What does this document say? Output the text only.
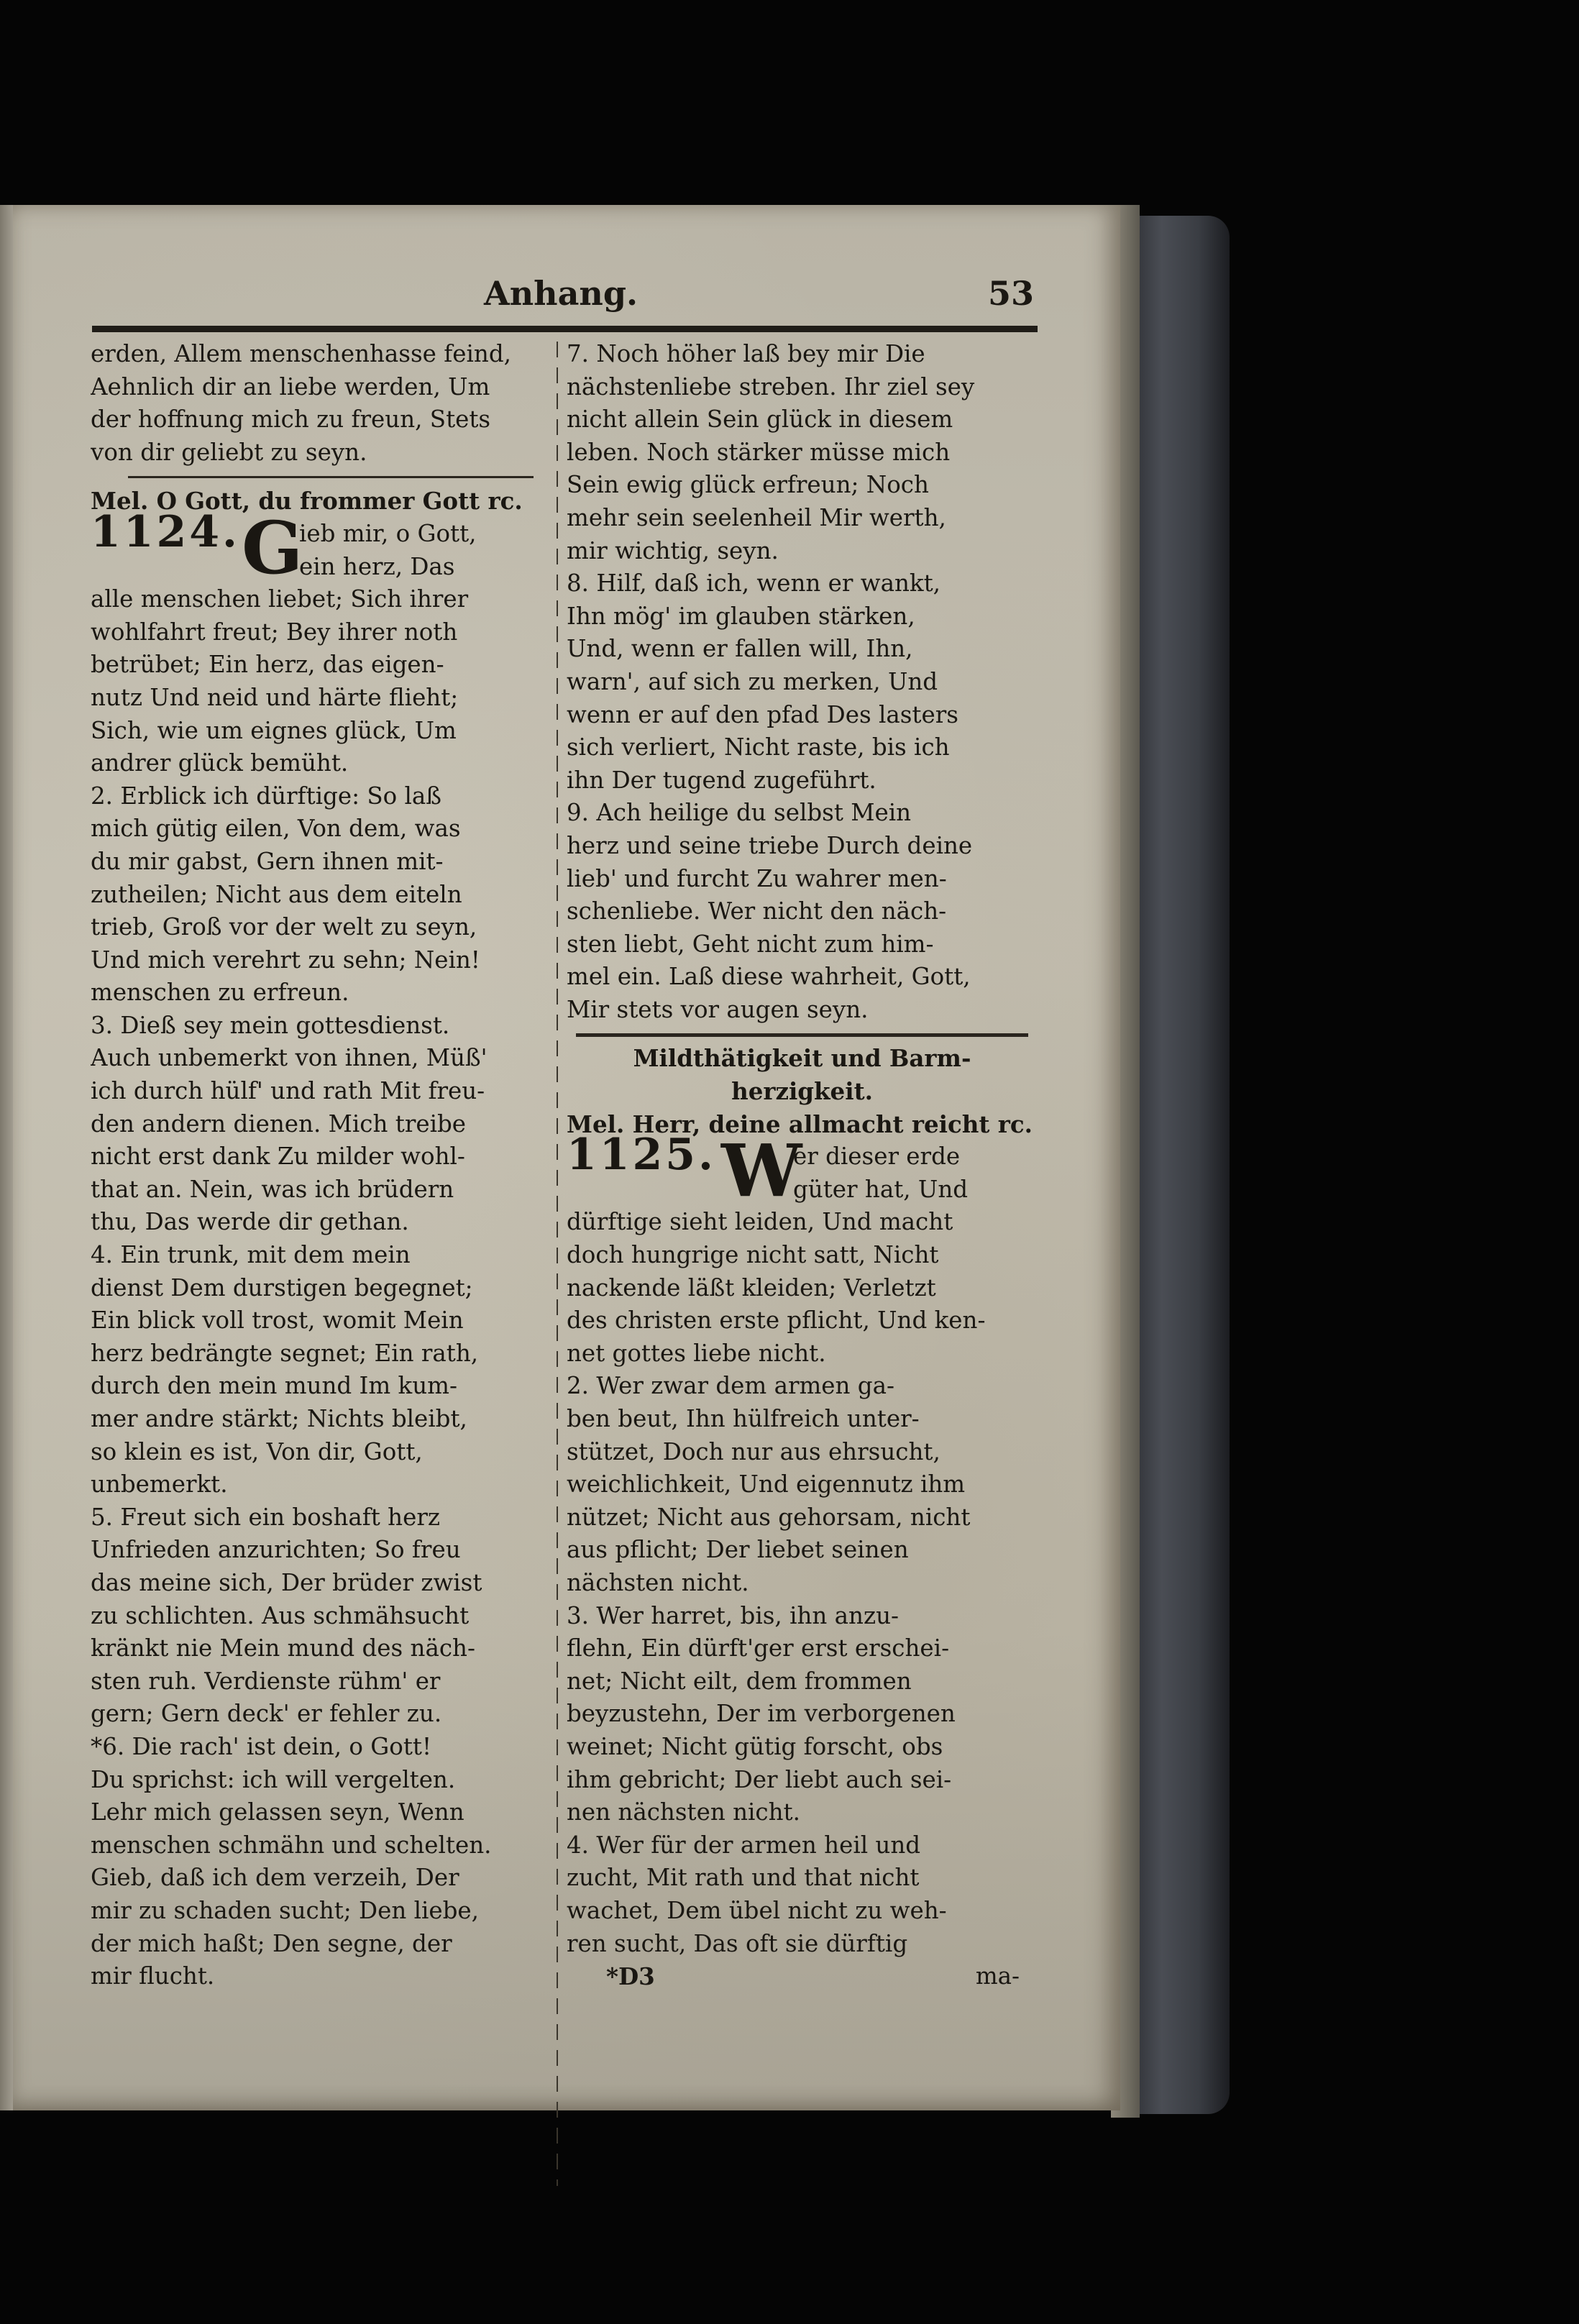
Anhang.	53
erden, Allem menschenhasse feind,
Aehnlich dir an liebe werden, Um
der hoffnung mich zu freun, Stets
von dir geliebt zu seyn.
Mel. O Gott, du frommer Gott rc.
1124. G
ieb mir, o Gott,
ein herz, Das
alle menschen liebet; Sich ihrer
wohlfahrt freut; Bey ihrer noth
betrübet; Ein herz, das eigen-
nutz Und neid und härte flieht;
Sich, wie um eignes glück, Um
andrer glück bemüht.
2. Erblick ich dürftige: So laß
mich gütig eilen, Von dem, was
du mir gabst, Gern ihnen mit-
zutheilen; Nicht aus dem eiteln
trieb, Groß vor der welt zu seyn,
Und mich verehrt zu sehn; Nein!
menschen zu erfreun.
3. Dieß sey mein gottesdienst.
Auch unbemerkt von ihnen, Müß'
ich durch hülf' und rath Mit freu-
den andern dienen. Mich treibe
nicht erst dank Zu milder wohl-
that an. Nein, was ich brüdern
thu, Das werde dir gethan.
4. Ein trunk, mit dem mein
dienst Dem durstigen begegnet;
Ein blick voll trost, womit Mein
herz bedrängte segnet; Ein rath,
durch den mein mund Im kum-
mer andre stärkt; Nichts bleibt,
so klein es ist, Von dir, Gott,
unbemerkt.
5. Freut sich ein boshaft herz
Unfrieden anzurichten; So freu
das meine sich, Der brüder zwist
zu schlichten. Aus schmähsucht
kränkt nie Mein mund des näch-
sten ruh. Verdienste rühm' er
gern; Gern deck' er fehler zu.
*6. Die rach' ist dein, o Gott!
Du sprichst: ich will vergelten.
Lehr mich gelassen seyn, Wenn
menschen schmähn und schelten.
Gieb, daß ich dem verzeih, Der
mir zu schaden sucht; Den liebe,
der mich haßt; Den segne, der
mir flucht.
7. Noch höher laß bey mir Die
nächstenliebe streben. Ihr ziel sey
nicht allein Sein glück in diesem
leben. Noch stärker müsse mich
Sein ewig glück erfreun; Noch
mehr sein seelenheil Mir werth,
mir wichtig, seyn.
8. Hilf, daß ich, wenn er wankt,
Ihn mög' im glauben stärken,
Und, wenn er fallen will, Ihn,
warn', auf sich zu merken, Und
wenn er auf den pfad Des lasters
sich verliert, Nicht raste, bis ich
ihn Der tugend zugeführt.
9. Ach heilige du selbst Mein
herz und seine triebe Durch deine
lieb' und furcht Zu wahrer men-
schenliebe. Wer nicht den näch-
sten liebt, Geht nicht zum him-
mel ein. Laß diese wahrheit, Gott,
Mir stets vor augen seyn.
Mildthätigkeit und Barm-
herzigkeit.
Mel. Herr, deine allmacht reicht rc.
1125. W
er dieser erde
güter hat, Und
dürftige sieht leiden, Und macht
doch hungrige nicht satt, Nicht
nackende läßt kleiden; Verletzt
des christen erste pflicht, Und ken-
net gottes liebe nicht.
2. Wer zwar dem armen ga-
ben beut, Ihn hülfreich unter-
stützet, Doch nur aus ehrsucht,
weichlichkeit, Und eigennutz ihm
nützet; Nicht aus gehorsam, nicht
aus pflicht; Der liebet seinen
nächsten nicht.
3. Wer harret, bis, ihn anzu-
flehn, Ein dürft'ger erst erschei-
net; Nicht eilt, dem frommen
beyzustehn, Der im verborgenen
weinet; Nicht gütig forscht, obs
ihm gebricht; Der liebt auch sei-
nen nächsten nicht.
4. Wer für der armen heil und
zucht, Mit rath und that nicht
wachet, Dem übel nicht zu weh-
ren sucht, Das oft sie dürftig
*D3	ma-
